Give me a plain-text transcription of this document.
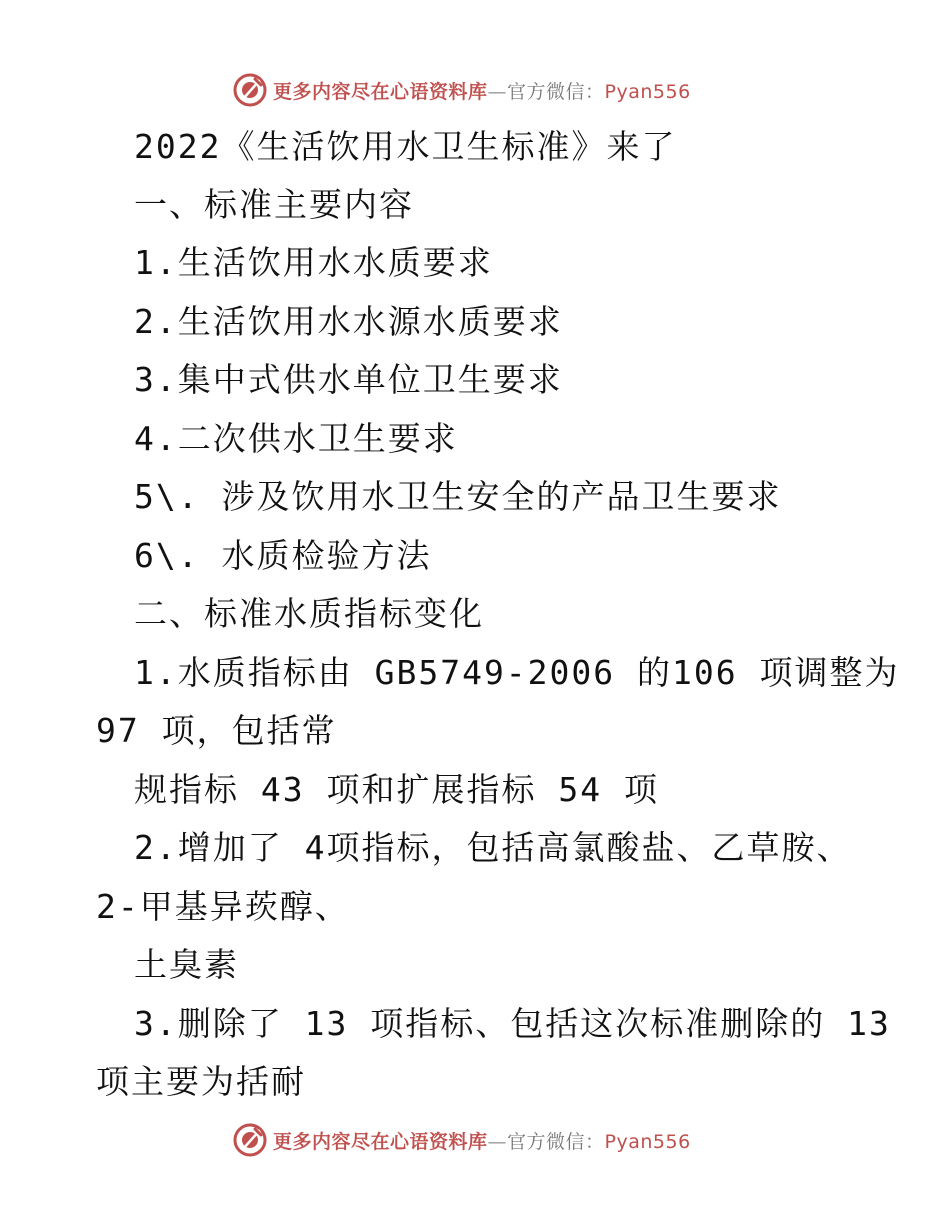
更多内容尽在心语资料库—官方微信：Pyan556
2022《生活饮用水卫生标准》来了
一、标准主要内容
1.生活饮用水水质要求
2.生活饮用水水源水质要求
3.集中式供水单位卫生要求
4.二次供水卫生要求
5\. 涉及饮用水卫生安全的产品卫生要求
6\. 水质检验方法
二、标准水质指标变化
1.水质指标由 GB5749-2006 的106 项调整为
97 项，包括常
规指标 43 项和扩展指标 54 项
2.增加了 4项指标，包括高氯酸盐、乙草胺、
2-甲基异莰醇、
土臭素
3.删除了 13 项指标、包括这次标准删除的 13
项主要为括耐
更多内容尽在心语资料库—官方微信：Pyan556
